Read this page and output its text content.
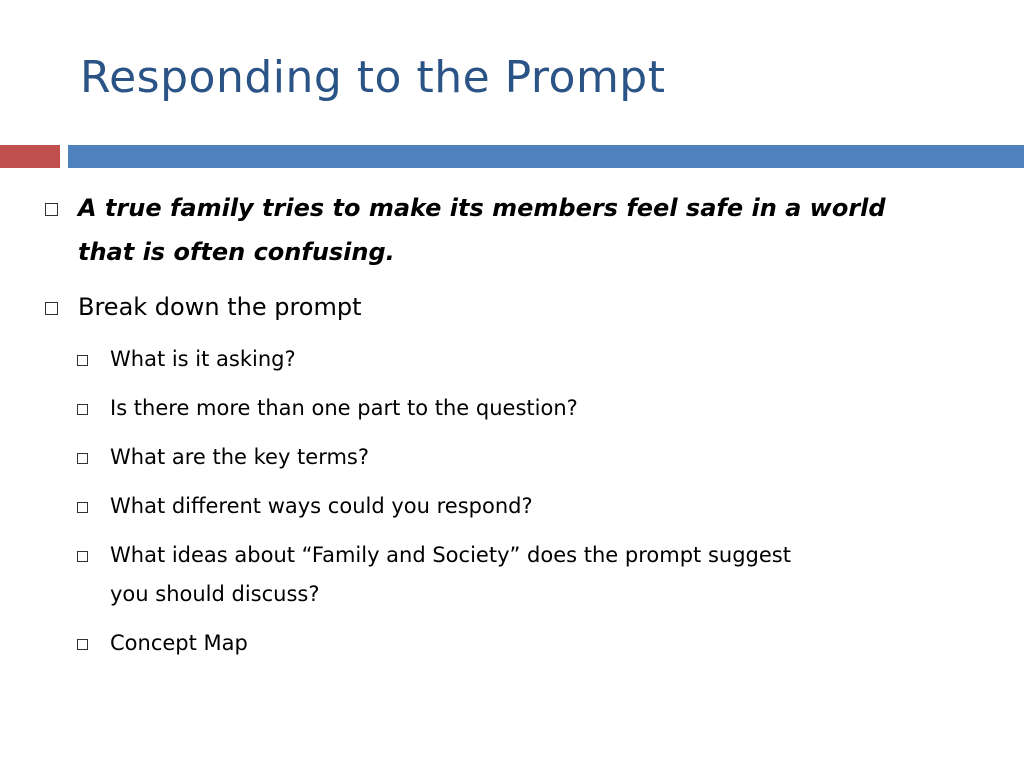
Responding to the Prompt
A true family tries to make its members feel safe in a world
that is often confusing.
Break down the prompt
What is it asking?
Is there more than one part to the question?
What are the key terms?
What different ways could you respond?
What ideas about “Family and Society” does the prompt suggest
you should discuss?
Concept Map
